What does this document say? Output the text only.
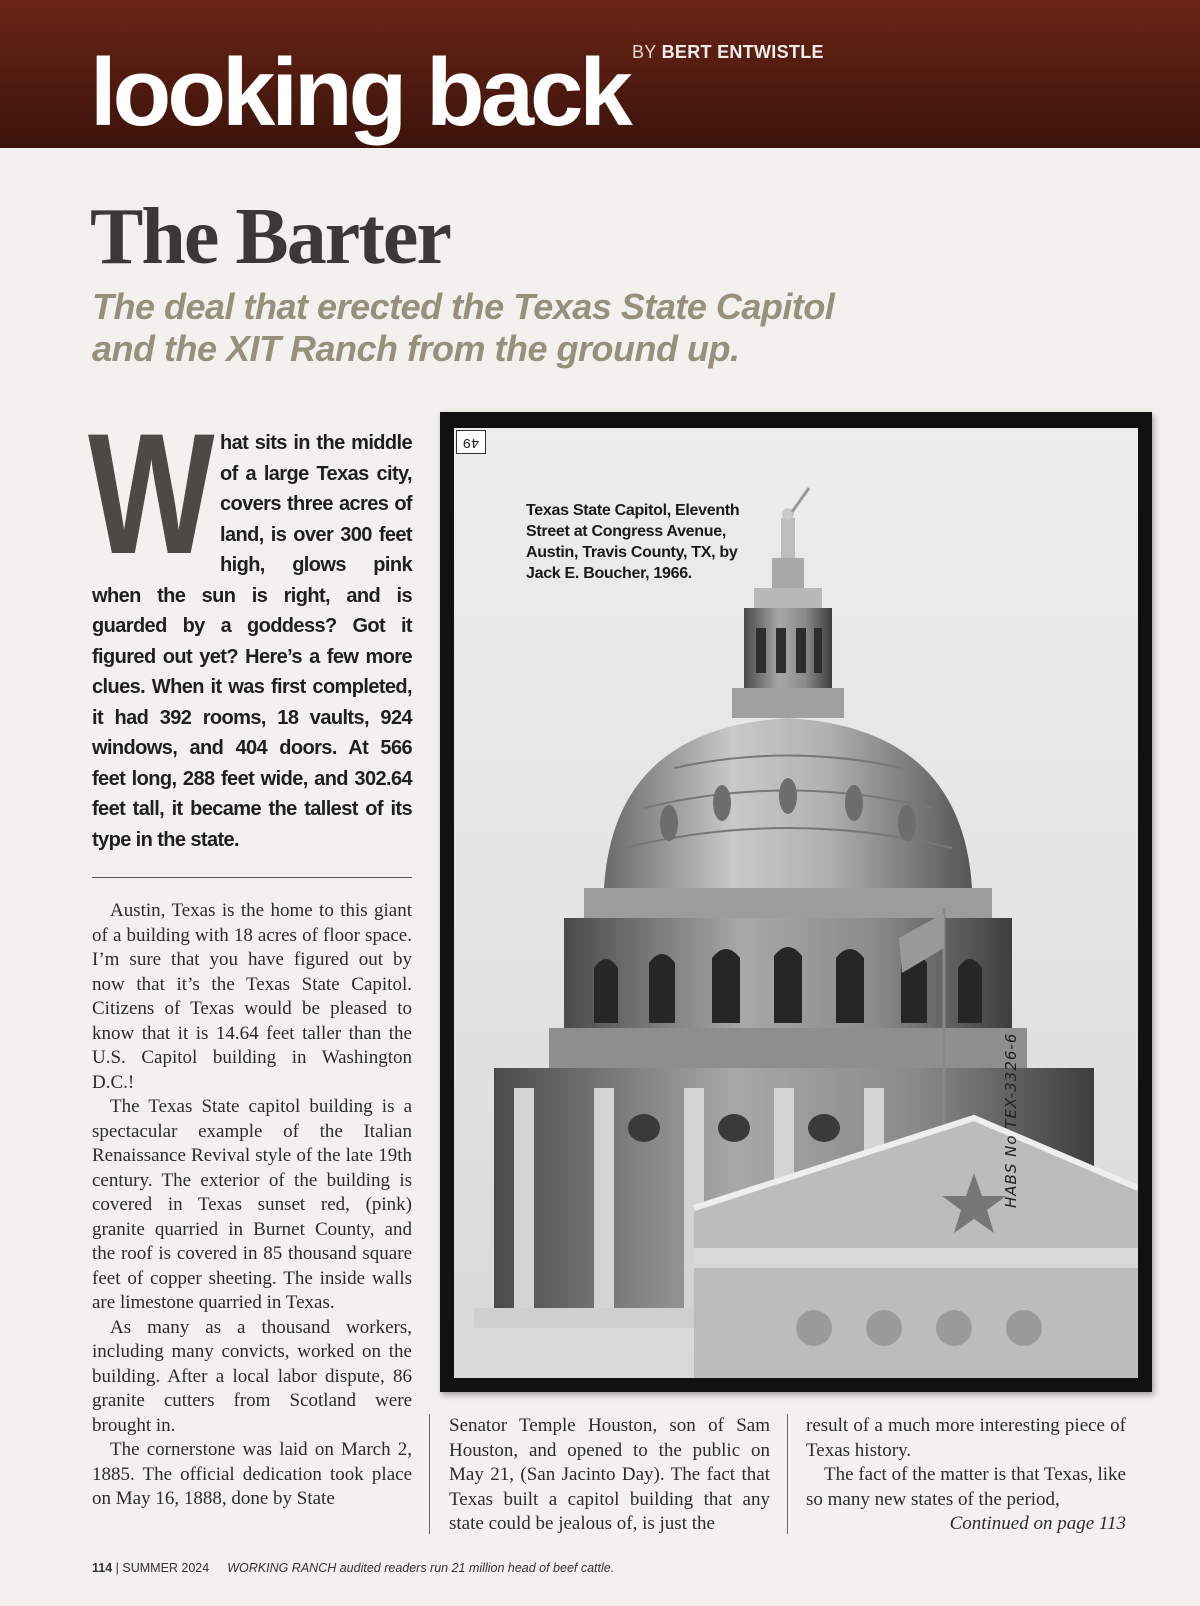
looking back BY BERT ENTWISTLE
The Barter
The deal that erected the Texas State Capitol and the XIT Ranch from the ground up.
What sits in the middle of a large Texas city, covers three acres of land, is over 300 feet high, glows pink when the sun is right, and is guarded by a goddess? Got it figured out yet? Here’s a few more clues. When it was first completed, it had 392 rooms, 18 vaults, 924 windows, and 404 doors. At 566 feet long, 288 feet wide, and 302.64 feet tall, it became the tallest of its type in the state.

Austin, Texas is the home to this giant of a building with 18 acres of floor space. I’m sure that you have figured out by now that it’s the Texas State Capitol. Citizens of Texas would be pleased to know that it is 14.64 feet taller than the U.S. Capitol building in Washington D.C.!

The Texas State capitol building is a spectacular example of the Italian Renaissance Revival style of the late 19th century. The exterior of the building is covered in Texas sunset red, (pink) granite quarried in Burnet County, and the roof is covered in 85 thousand square feet of copper sheeting. The inside walls are limestone quarried in Texas.

As many as a thousand workers, including many convicts, worked on the building. After a local labor dispute, 86 granite cutters from Scotland were brought in.

The cornerstone was laid on March 2, 1885. The official dedication took place on May 16, 1888, done by State

Senator Temple Houston, son of Sam Houston, and opened to the public on May 21, (San Jacinto Day). The fact that Texas built a capitol building that any state could be jealous of, is just the

result of a much more interesting piece of Texas history.

The fact of the matter is that Texas, like so many new states of the period,

Continued on page 113

49
Texas State Capitol, Eleventh Street at Congress Avenue, Austin, Travis County, TX, by Jack E. Boucher, 1966.
HABS No TEX-3326-6
114 | SUMMER 2024 WORKING RANCH audited readers run 21 million head of beef cattle.
